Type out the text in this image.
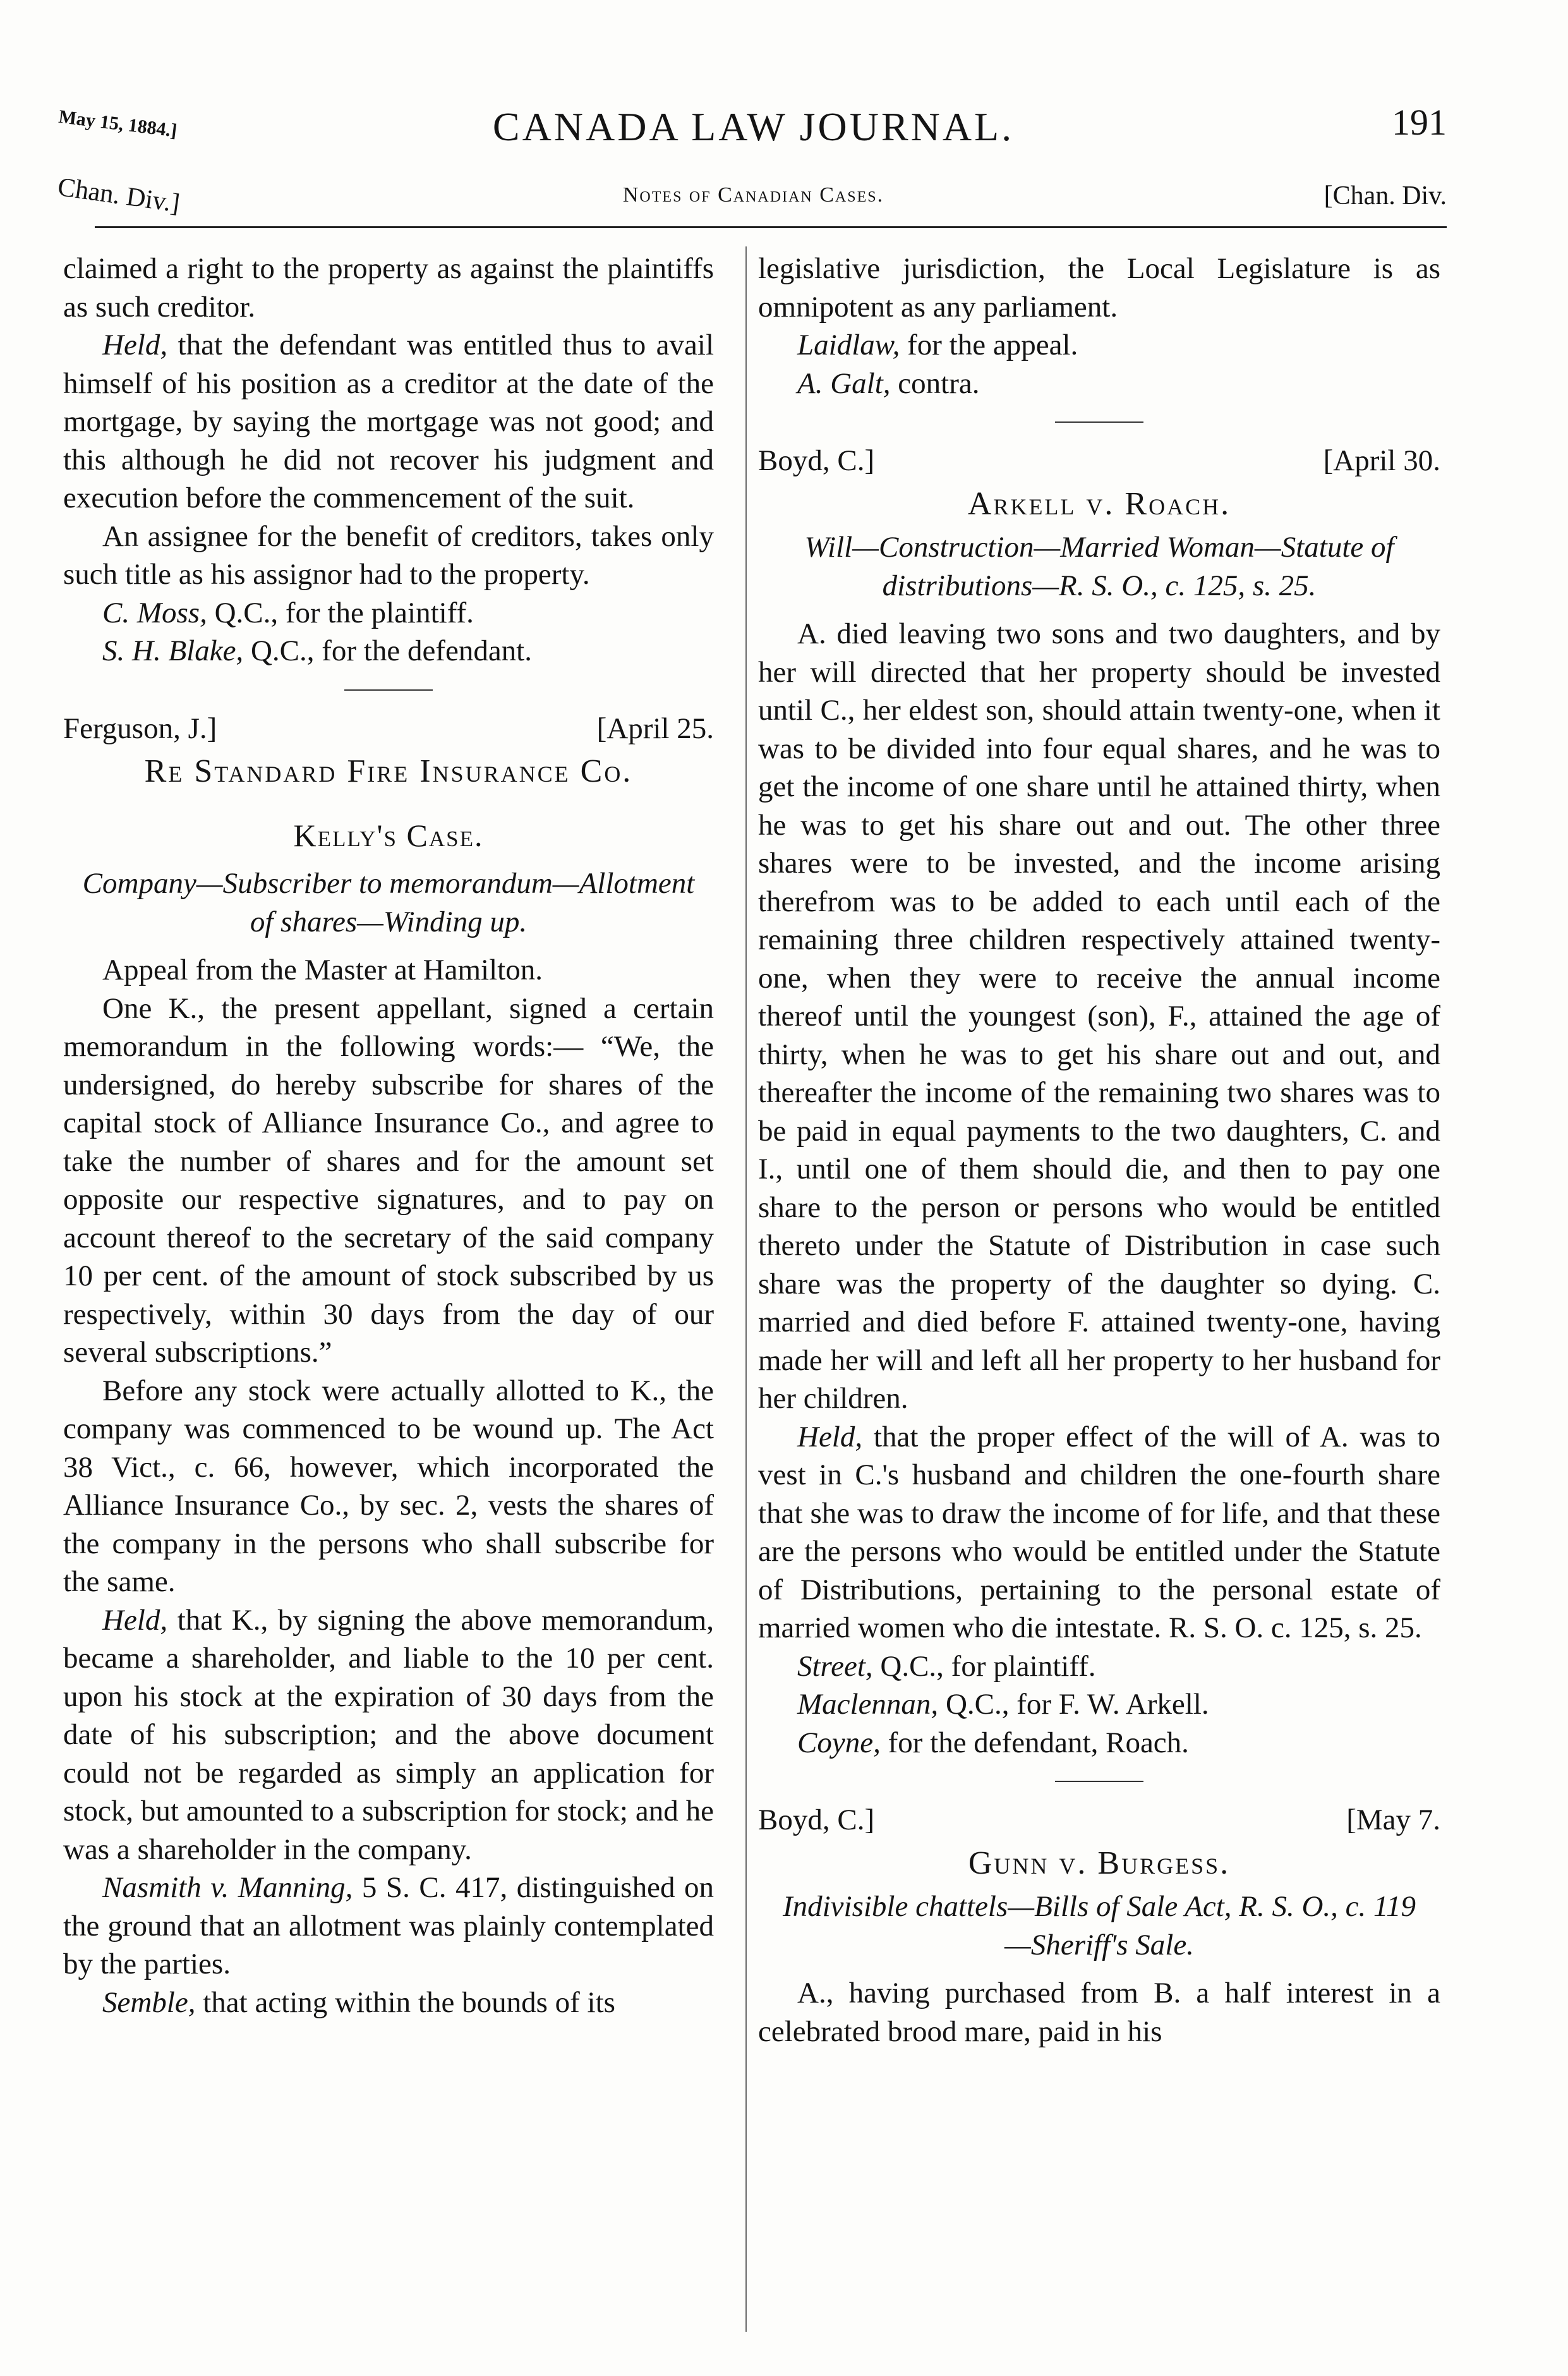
May 15, 1884.]	CANADA LAW JOURNAL.	191
Chan. Div.]	Notes of Canadian Cases.	[Chan. Div.

claimed a right to the property as against the plaintiffs as such creditor.

Held, that the defendant was entitled thus to avail himself of his position as a creditor at the date of the mortgage, by saying the mortgage was not good; and this although he did not recover his judgment and execution before the commencement of the suit.

An assignee for the benefit of creditors, takes only such title as his assignor had to the property.

C. Moss, Q.C., for the plaintiff.

S. H. Blake, Q.C., for the defendant.

Ferguson, J.]	[April 25.
Re Standard Fire Insurance Co.
Kelly's Case.
Company—Subscriber to memorandum—Allotment of shares—Winding up.

Appeal from the Master at Hamilton.

One K., the present appellant, signed a certain memorandum in the following words:— “We, the undersigned, do hereby subscribe for shares of the capital stock of Alliance Insurance Co., and agree to take the number of shares and for the amount set opposite our respective signatures, and to pay on account thereof to the secretary of the said company 10 per cent. of the amount of stock subscribed by us respectively, within 30 days from the day of our several subscriptions.”

Before any stock were actually allotted to K., the company was commenced to be wound up. The Act 38 Vict., c. 66, however, which incorporated the Alliance Insurance Co., by sec. 2, vests the shares of the company in the persons who shall subscribe for the same.

Held, that K., by signing the above memorandum, became a shareholder, and liable to the 10 per cent. upon his stock at the expiration of 30 days from the date of his subscription; and the above document could not be regarded as simply an application for stock, but amounted to a subscription for stock; and he was a shareholder in the company.

Nasmith v. Manning, 5 S. C. 417, distinguished on the ground that an allotment was plainly contemplated by the parties.

Semble, that acting within the bounds of its

legislative jurisdiction, the Local Legislature is as omnipotent as any parliament.

Laidlaw, for the appeal.

A. Galt, contra.

Boyd, C.]	[April 30.
Arkell v. Roach.
Will—Construction—Married Woman—Statute of distributions—R. S. O., c. 125, s. 25.

A. died leaving two sons and two daughters, and by her will directed that her property should be invested until C., her eldest son, should attain twenty-one, when it was to be divided into four equal shares, and he was to get the income of one share until he attained thirty, when he was to get his share out and out. The other three shares were to be invested, and the income arising therefrom was to be added to each until each of the remaining three children respectively attained twenty-one, when they were to receive the annual income thereof until the youngest (son), F., attained the age of thirty, when he was to get his share out and out, and thereafter the income of the remaining two shares was to be paid in equal payments to the two daughters, C. and I., until one of them should die, and then to pay one share to the person or persons who would be entitled thereto under the Statute of Distribution in case such share was the property of the daughter so dying. C. married and died before F. attained twenty-one, having made her will and left all her property to her husband for her children.

Held, that the proper effect of the will of A. was to vest in C.'s husband and children the one-fourth share that she was to draw the income of for life, and that these are the persons who would be entitled under the Statute of Distributions, pertaining to the personal estate of married women who die intestate. R. S. O. c. 125, s. 25.

Street, Q.C., for plaintiff.

Maclennan, Q.C., for F. W. Arkell.

Coyne, for the defendant, Roach.

Boyd, C.]	[May 7.
Gunn v. Burgess.
Indivisible chattels—Bills of Sale Act, R. S. O., c. 119—Sheriff's Sale.

A., having purchased from B. a half interest in a celebrated brood mare, paid in his
